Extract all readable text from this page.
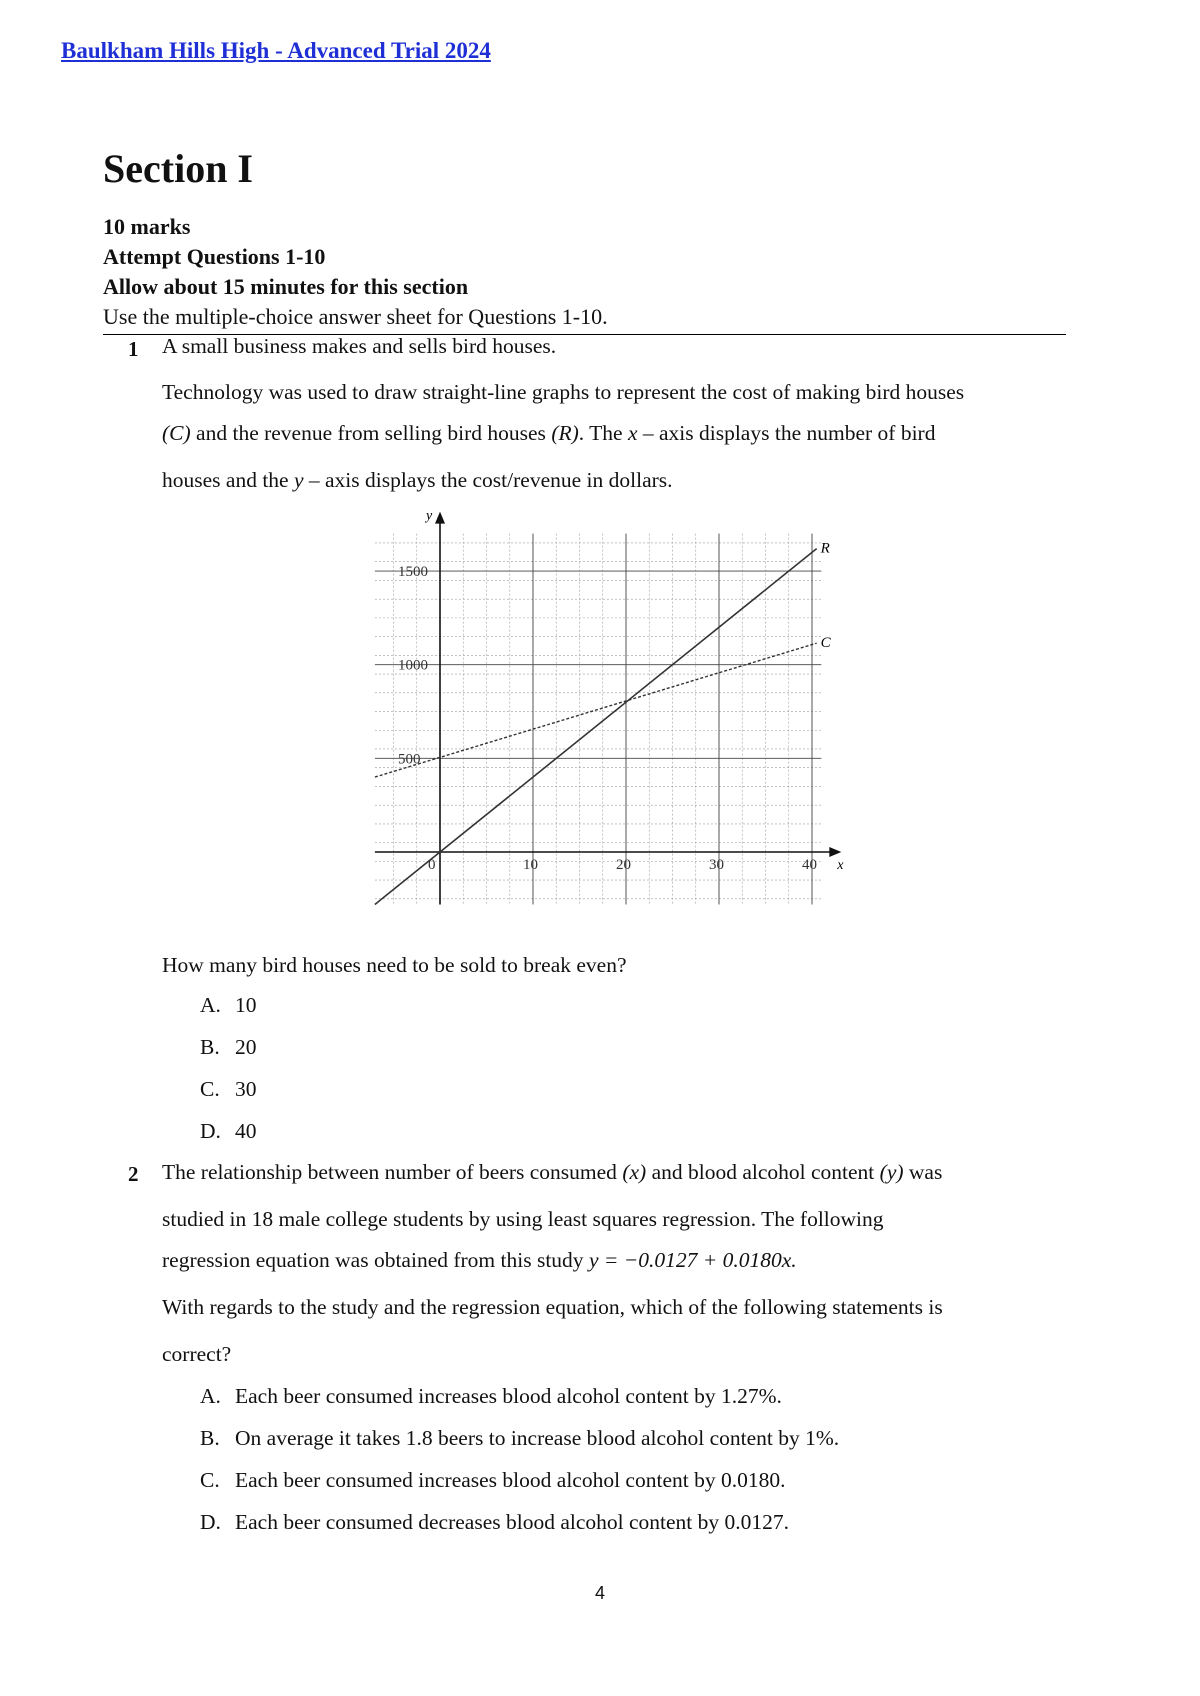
Baulkham Hills High - Advanced Trial 2024
Section I
10 marks
Attempt Questions 1-10
Allow about 15 minutes for this section
Use the multiple-choice answer sheet for Questions 1-10.
1 A small business makes and sells bird houses.
Technology was used to draw straight-line graphs to represent the cost of making bird houses
(C) and the revenue from selling bird houses (R). The x – axis displays the number of bird
houses and the y – axis displays the cost/revenue in dollars.
y
x
0	10	20	30	40
500
1000
1500
R
C
How many bird houses need to be sold to break even?
A. 10
B. 20
C. 30
D. 40
2 The relationship between number of beers consumed (x) and blood alcohol content (y) was
studied in 18 male college students by using least squares regression. The following
regression equation was obtained from this study y = −0.0127 + 0.0180x.
With regards to the study and the regression equation, which of the following statements is
correct?
A. Each beer consumed increases blood alcohol content by 1.27%.
B. On average it takes 1.8 beers to increase blood alcohol content by 1%.
C. Each beer consumed increases blood alcohol content by 0.0180.
D. Each beer consumed decreases blood alcohol content by 0.0127.
4
